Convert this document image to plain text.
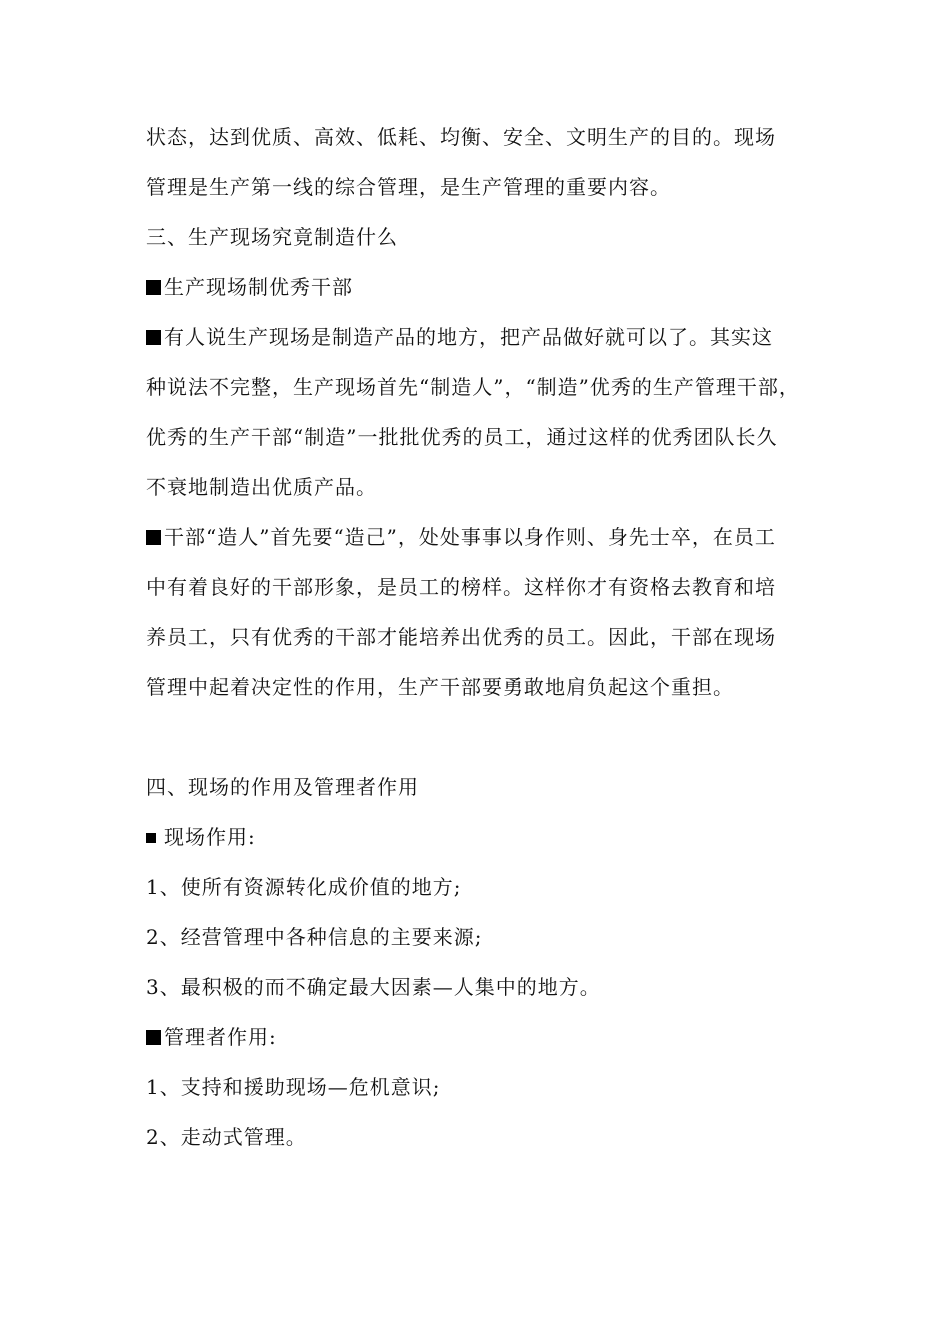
状态，达到优质、高效、低耗、均衡、安全、文明生产的目的。现场
管理是生产第一线的综合管理，是生产管理的重要内容。
三、生产现场究竟制造什么
生产现场制优秀干部
有人说生产现场是制造产品的地方，把产品做好就可以了。其实这
种说法不完整，生产现场首先“制造人”，“制造”优秀的生产管理干部，
优秀的生产干部“制造”一批批优秀的员工，通过这样的优秀团队长久
不衰地制造出优质产品。
干部“造人”首先要“造己”，处处事事以身作则、身先士卒，在员工
中有着良好的干部形象，是员工的榜样。这样你才有资格去教育和培
养员工，只有优秀的干部才能培养出优秀的员工。因此，干部在现场
管理中起着决定性的作用，生产干部要勇敢地肩负起这个重担。
四、现场的作用及管理者作用
现场作用:
1、使所有资源转化成价值的地方;
2、经营管理中各种信息的主要来源;
3、最积极的而不确定最大因素—人集中的地方。
管理者作用:
1、支持和援助现场—危机意识;
2、走动式管理。
